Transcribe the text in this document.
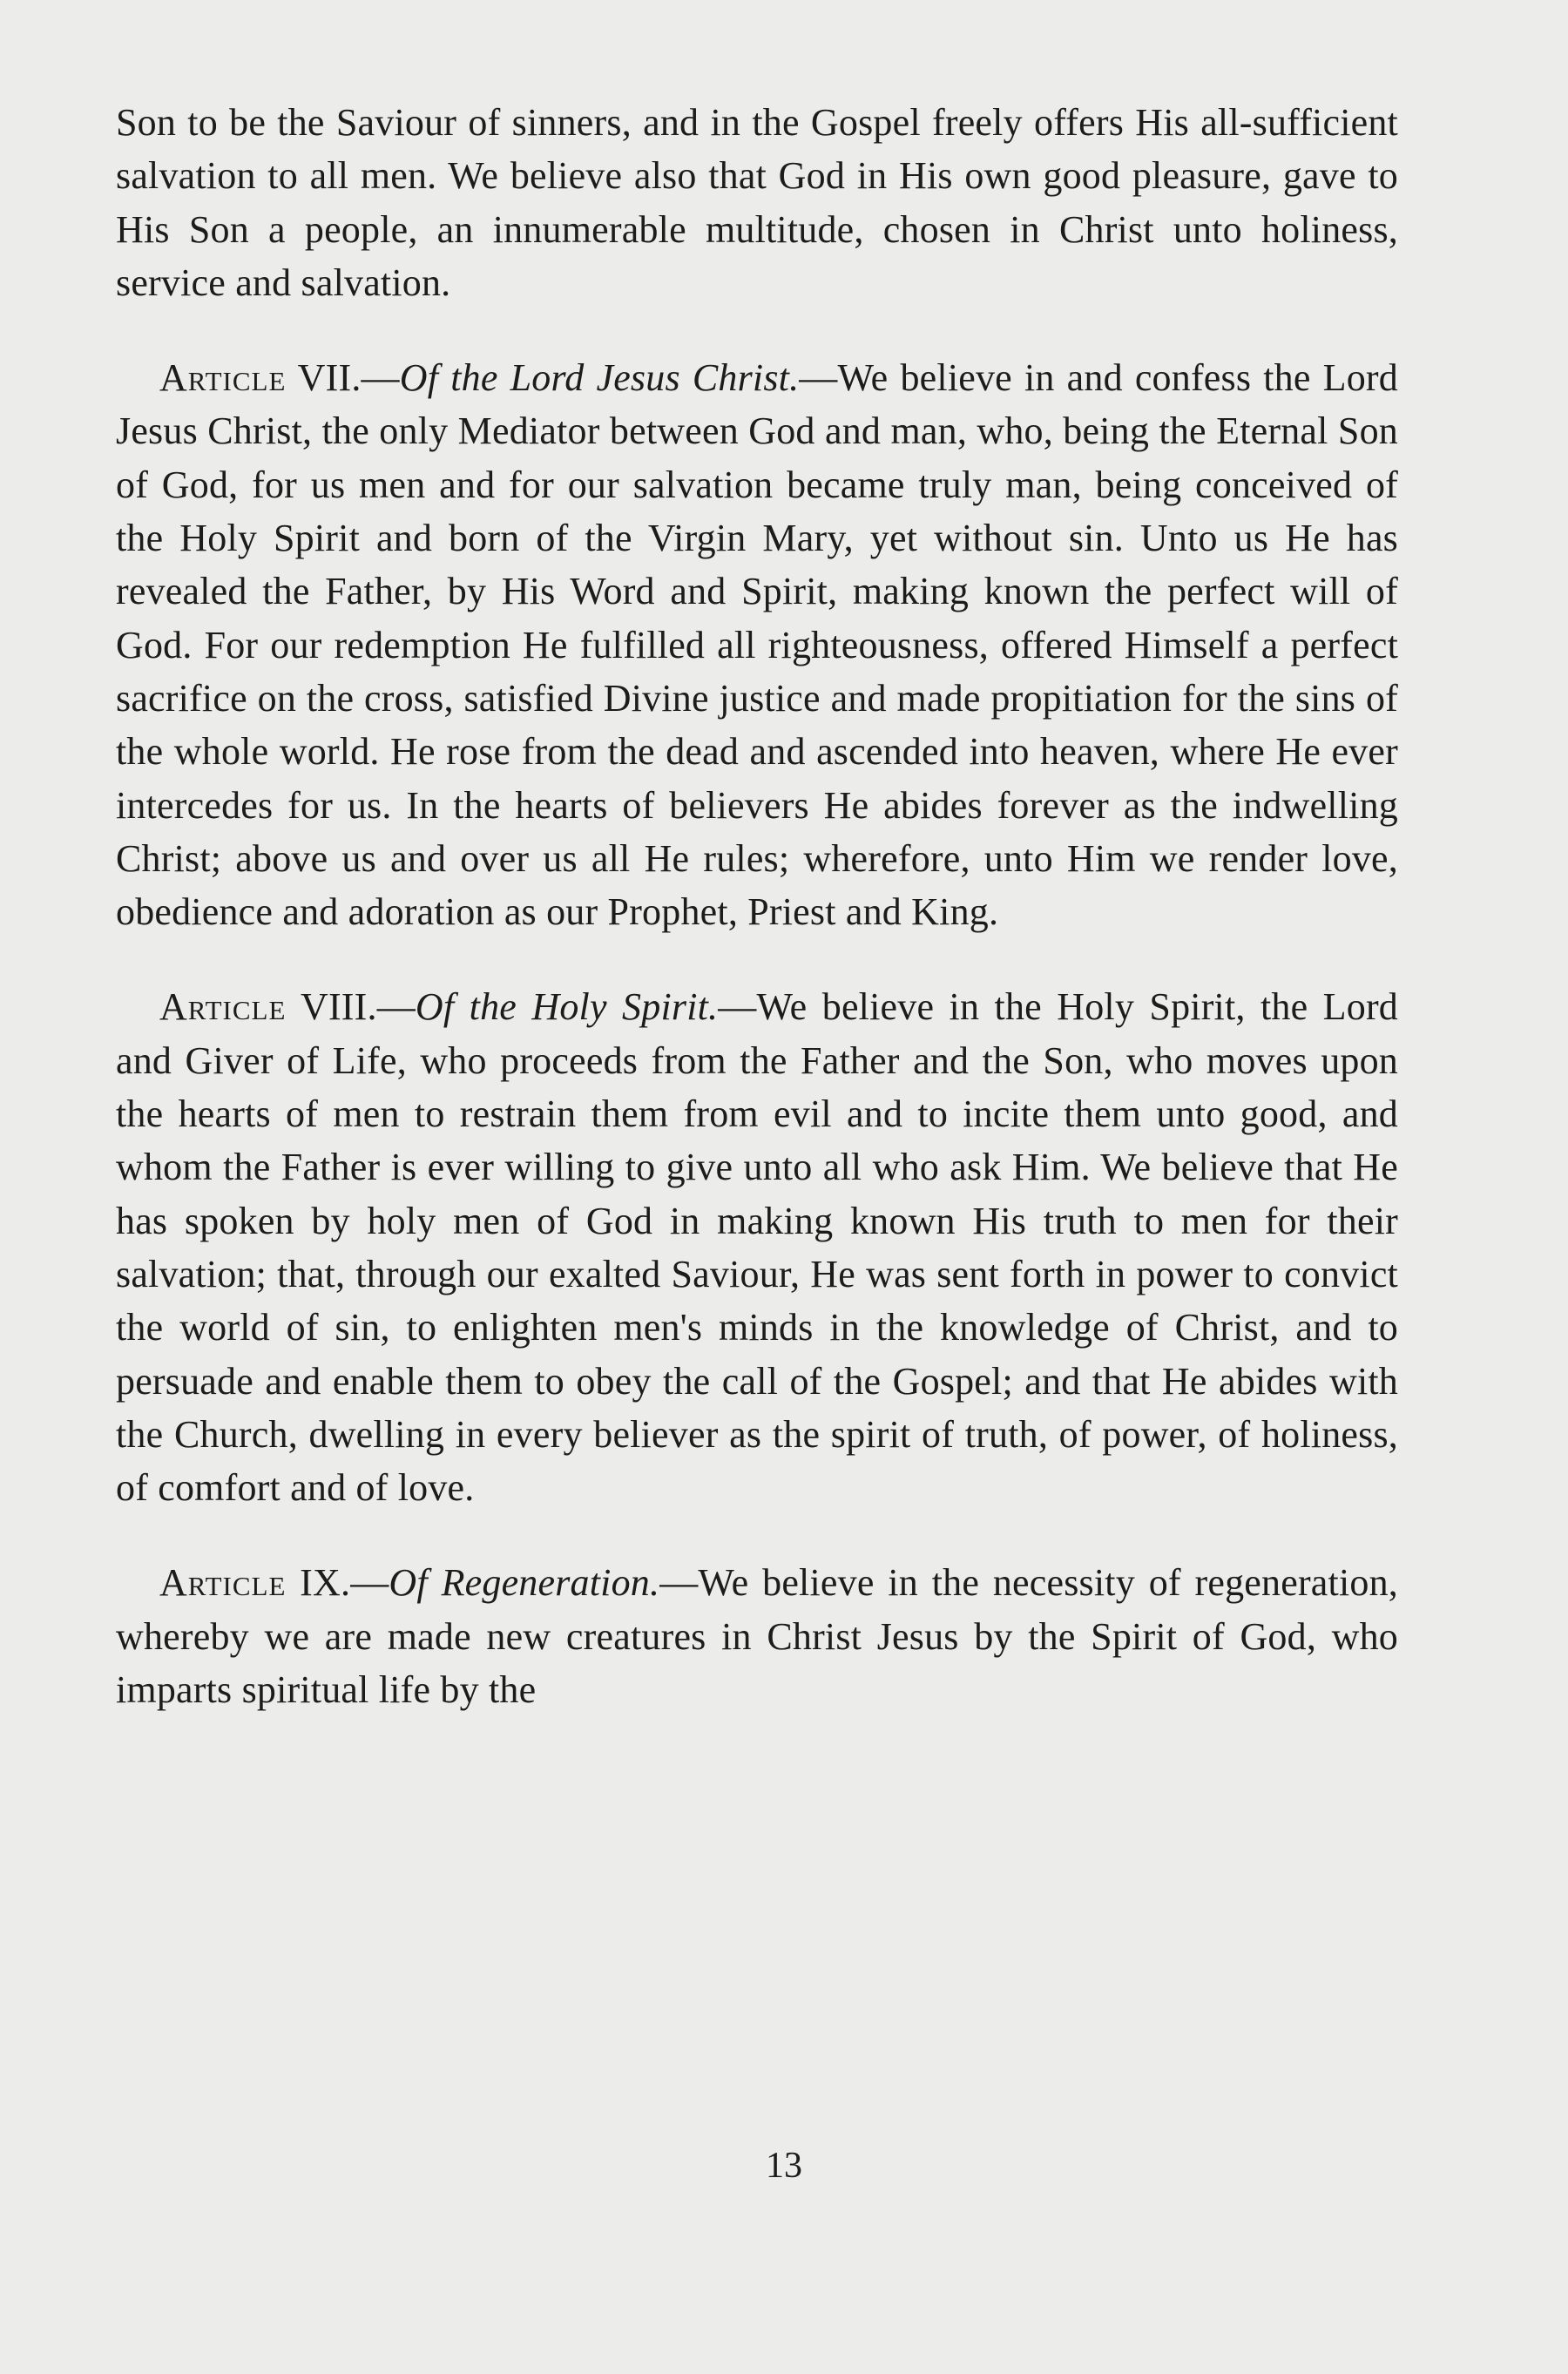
Son to be the Saviour of sinners, and in the Gospel freely offers His all-sufficient salvation to all men. We believe also that God in His own good pleasure, gave to His Son a people, an innumerable multitude, chosen in Christ unto holiness, service and salvation.

Article VII.—Of the Lord Jesus Christ.—We believe in and confess the Lord Jesus Christ, the only Mediator between God and man, who, being the Eternal Son of God, for us men and for our salvation became truly man, being conceived of the Holy Spirit and born of the Virgin Mary, yet without sin. Unto us He has revealed the Father, by His Word and Spirit, making known the perfect will of God. For our redemption He fulfilled all righteousness, offered Himself a perfect sacrifice on the cross, satisfied Divine justice and made propitiation for the sins of the whole world. He rose from the dead and ascended into heaven, where He ever intercedes for us. In the hearts of believers He abides forever as the indwelling Christ; above us and over us all He rules; wherefore, unto Him we render love, obedience and adoration as our Prophet, Priest and King.

Article VIII.—Of the Holy Spirit.—We believe in the Holy Spirit, the Lord and Giver of Life, who proceeds from the Father and the Son, who moves upon the hearts of men to restrain them from evil and to incite them unto good, and whom the Father is ever willing to give unto all who ask Him. We believe that He has spoken by holy men of God in making known His truth to men for their salvation; that, through our exalted Saviour, He was sent forth in power to convict the world of sin, to enlighten men's minds in the knowledge of Christ, and to persuade and enable them to obey the call of the Gospel; and that He abides with the Church, dwelling in every believer as the spirit of truth, of power, of holiness, of comfort and of love.

Article IX.—Of Regeneration.—We believe in the necessity of regeneration, whereby we are made new creatures in Christ Jesus by the Spirit of God, who imparts spiritual life by the

13
